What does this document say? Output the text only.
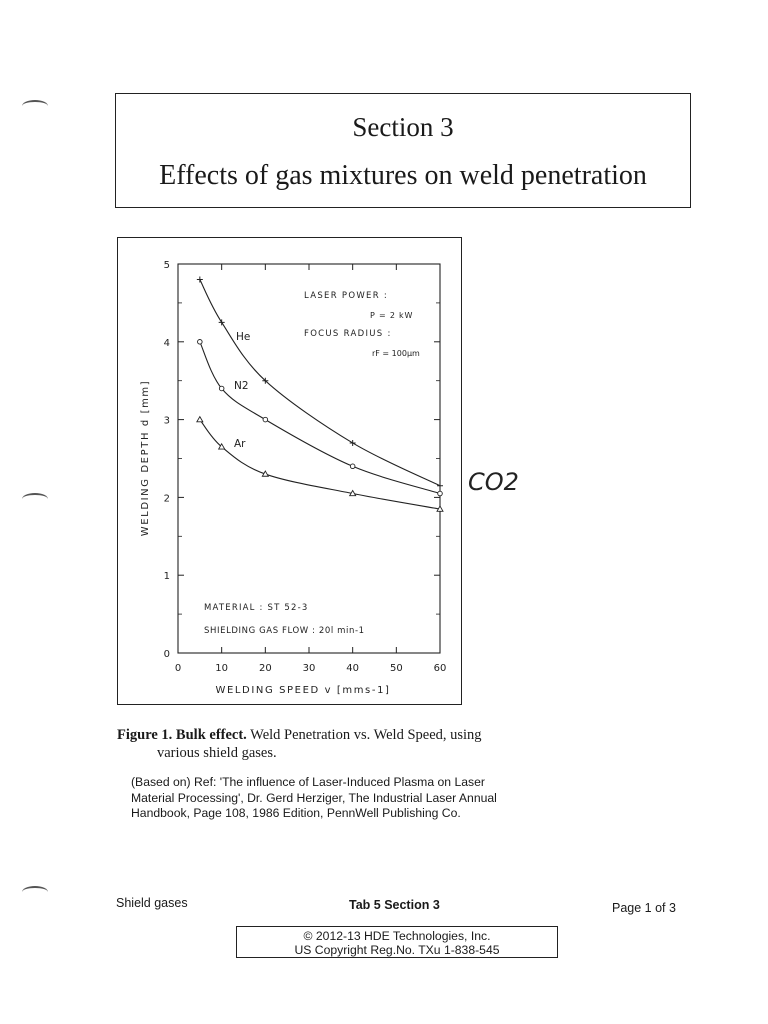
Section 3
Effects of gas mixtures on weld penetration
0	10	20	30	40	50	60
0
1
2
3
4
5
LASER POWER :
P = 2 kW
FOCUS RADIUS :
rF = 100µm
MATERIAL : ST 52-3
SHIELDING GAS FLOW : 20l min-1
He
N2
Ar
WELDING DEPTH d [mm]
WELDING SPEED v [mms-1]
CO2
Figure 1. Bulk effect. Weld Penetration vs. Weld Speed, using
various shield gases.
(Based on) Ref: 'The influence of Laser-Induced Plasma on Laser Material Processing', Dr. Gerd Herziger, The Industrial Laser Annual Handbook, Page 108, 1986 Edition, PennWell Publishing Co.
Shield gases	Tab 5 Section 3	Page 1 of 3
© 2012-13 HDE Technologies, Inc.
US Copyright Reg.No. TXu 1-838-545
